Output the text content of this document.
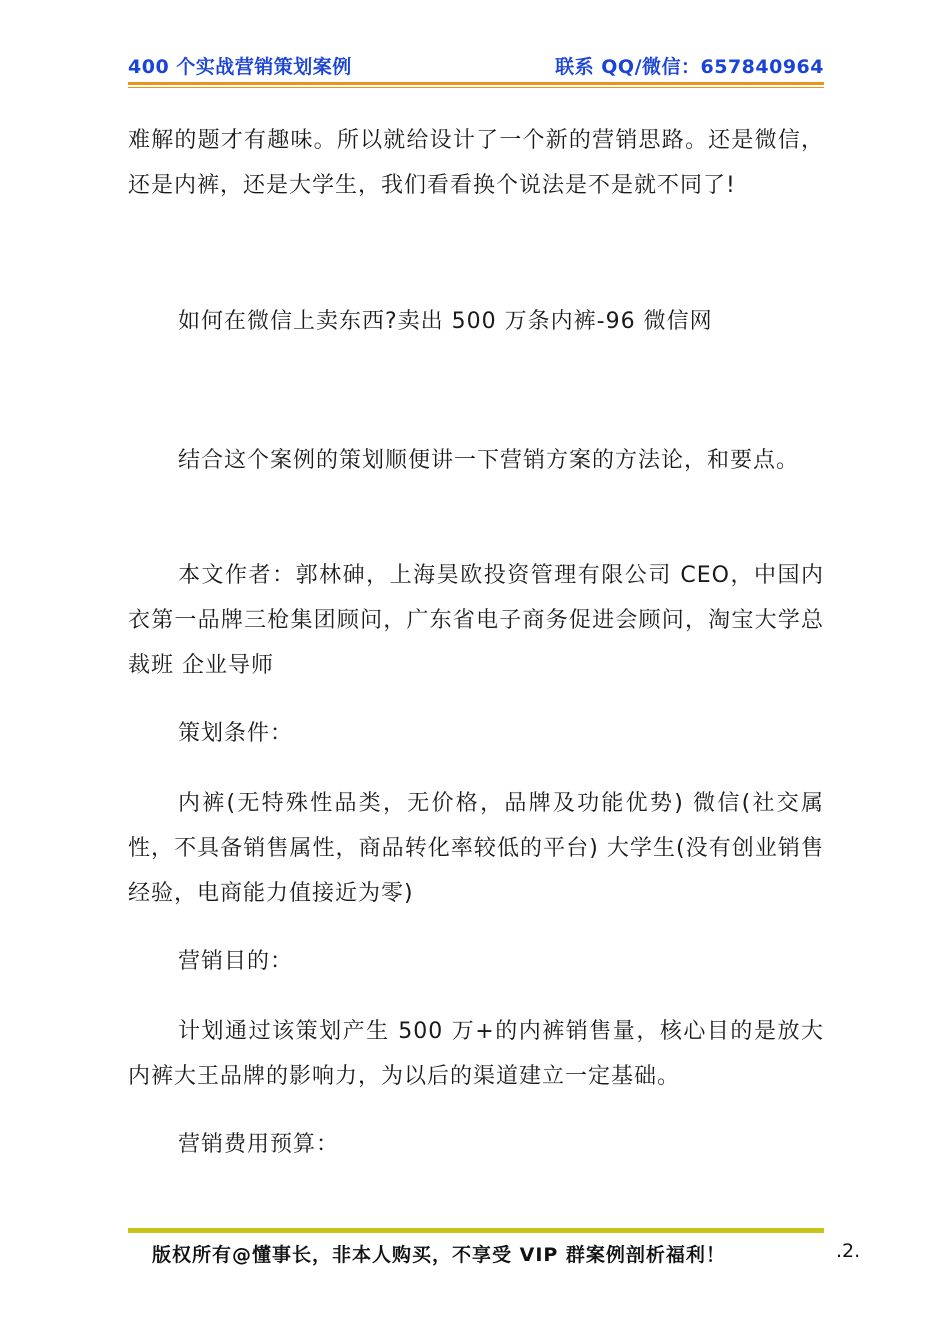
400 个实战营销策划案例	联系 QQ/微信：657840964

难解的题才有趣味。所以就给设计了一个新的营销思路。还是微信，还是内裤，还是大学生，我们看看换个说法是不是就不同了!

如何在微信上卖东西?卖出 500 万条内裤-96 微信网

结合这个案例的策划顺便讲一下营销方案的方法论，和要点。

本文作者：郭林砷，上海昊欧投资管理有限公司 CEO，中国内衣第一品牌三枪集团顾问，广东省电子商务促进会顾问，淘宝大学总裁班 企业导师

策划条件：

内裤(无特殊性品类，无价格，品牌及功能优势) 微信(社交属性，不具备销售属性，商品转化率较低的平台) 大学生(没有创业销售经验，电商能力值接近为零)

营销目的：

计划通过该策划产生 500 万+的内裤销售量，核心目的是放大内裤大王品牌的影响力，为以后的渠道建立一定基础。

营销费用预算：

版权所有@懂事长，非本人购买，不享受 VIP 群案例剖析福利！	.2.
